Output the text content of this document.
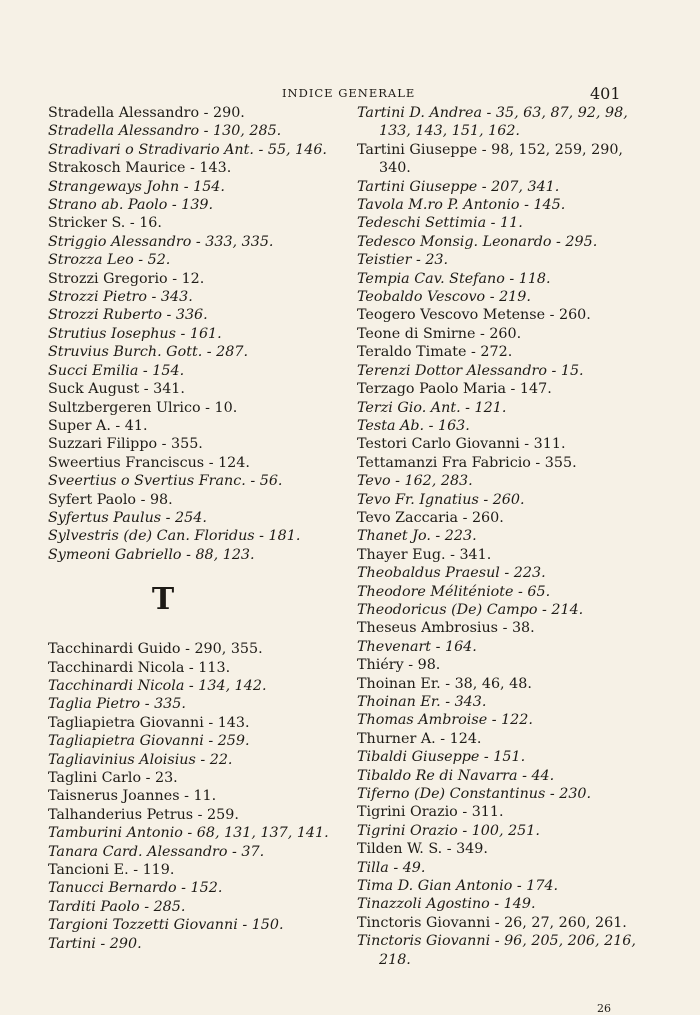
INDICE GENERALE	401
Stradella Alessandro - 290.
Stradella Alessandro - 130, 285.
Stradivari o Stradivario Ant. - 55, 146.
Strakosch Maurice - 143.
Strangeways John - 154.
Strano ab. Paolo - 139.
Stricker S. - 16.
Striggio Alessandro - 333, 335.
Strozza Leo - 52.
Strozzi Gregorio - 12.
Strozzi Pietro - 343.
Strozzi Ruberto - 336.
Strutius Iosephus - 161.
Struvius Burch. Gott. - 287.
Succi Emilia - 154.
Suck August - 341.
Sultzbergeren Ulrico - 10.
Super A. - 41.
Suzzari Filippo - 355.
Sweertius Franciscus - 124.
Sveertius o Svertius Franc. - 56.
Syfert Paolo - 98.
Syfertus Paulus - 254.
Sylvestris (de) Can. Floridus - 181.
Symeoni Gabriello - 88, 123.
T
Tacchinardi Guido - 290, 355.
Tacchinardi Nicola - 113.
Tacchinardi Nicola - 134, 142.
Taglia Pietro - 335.
Tagliapietra Giovanni - 143.
Tagliapietra Giovanni - 259.
Tagliavinius Aloisius - 22.
Taglini Carlo - 23.
Taisnerus Joannes - 11.
Talhanderius Petrus - 259.
Tamburini Antonio - 68, 131, 137, 141.
Tanara Card. Alessandro - 37.
Tancioni E. - 119.
Tanucci Bernardo - 152.
Tarditi Paolo - 285.
Targioni Tozzetti Giovanni - 150.
Tartini - 290.
Tartini D. Andrea - 35, 63, 87, 92, 98, 133, 143, 151, 162.
Tartini Giuseppe - 98, 152, 259, 290, 340.
Tartini Giuseppe - 207, 341.
Tavola M.ro P. Antonio - 145.
Tedeschi Settimia - 11.
Tedesco Monsig. Leonardo - 295.
Teistier - 23.
Tempia Cav. Stefano - 118.
Teobaldo Vescovo - 219.
Teogero Vescovo Metense - 260.
Teone di Smirne - 260.
Teraldo Timate - 272.
Terenzi Dottor Alessandro - 15.
Terzago Paolo Maria - 147.
Terzi Gio. Ant. - 121.
Testa Ab. - 163.
Testori Carlo Giovanni - 311.
Tettamanzi Fra Fabricio - 355.
Tevo - 162, 283.
Tevo Fr. Ignatius - 260.
Tevo Zaccaria - 260.
Thanet Jo. - 223.
Thayer Eug. - 341.
Theobaldus Praesul - 223.
Theodore Méliténiote - 65.
Theodoricus (De) Campo - 214.
Theseus Ambrosius - 38.
Thevenart - 164.
Thiéry - 98.
Thoinan Er. - 38, 46, 48.
Thoinan Er. - 343.
Thomas Ambroise - 122.
Thurner A. - 124.
Tibaldi Giuseppe - 151.
Tibaldo Re di Navarra - 44.
Tiferno (De) Constantinus - 230.
Tigrini Orazio - 311.
Tigrini Orazio - 100, 251.
Tilden W. S. - 349.
Tilla - 49.
Tima D. Gian Antonio - 174.
Tinazzoli Agostino - 149.
Tinctoris Giovanni - 26, 27, 260, 261.
Tinctoris Giovanni - 96, 205, 206, 216, 218.
26
